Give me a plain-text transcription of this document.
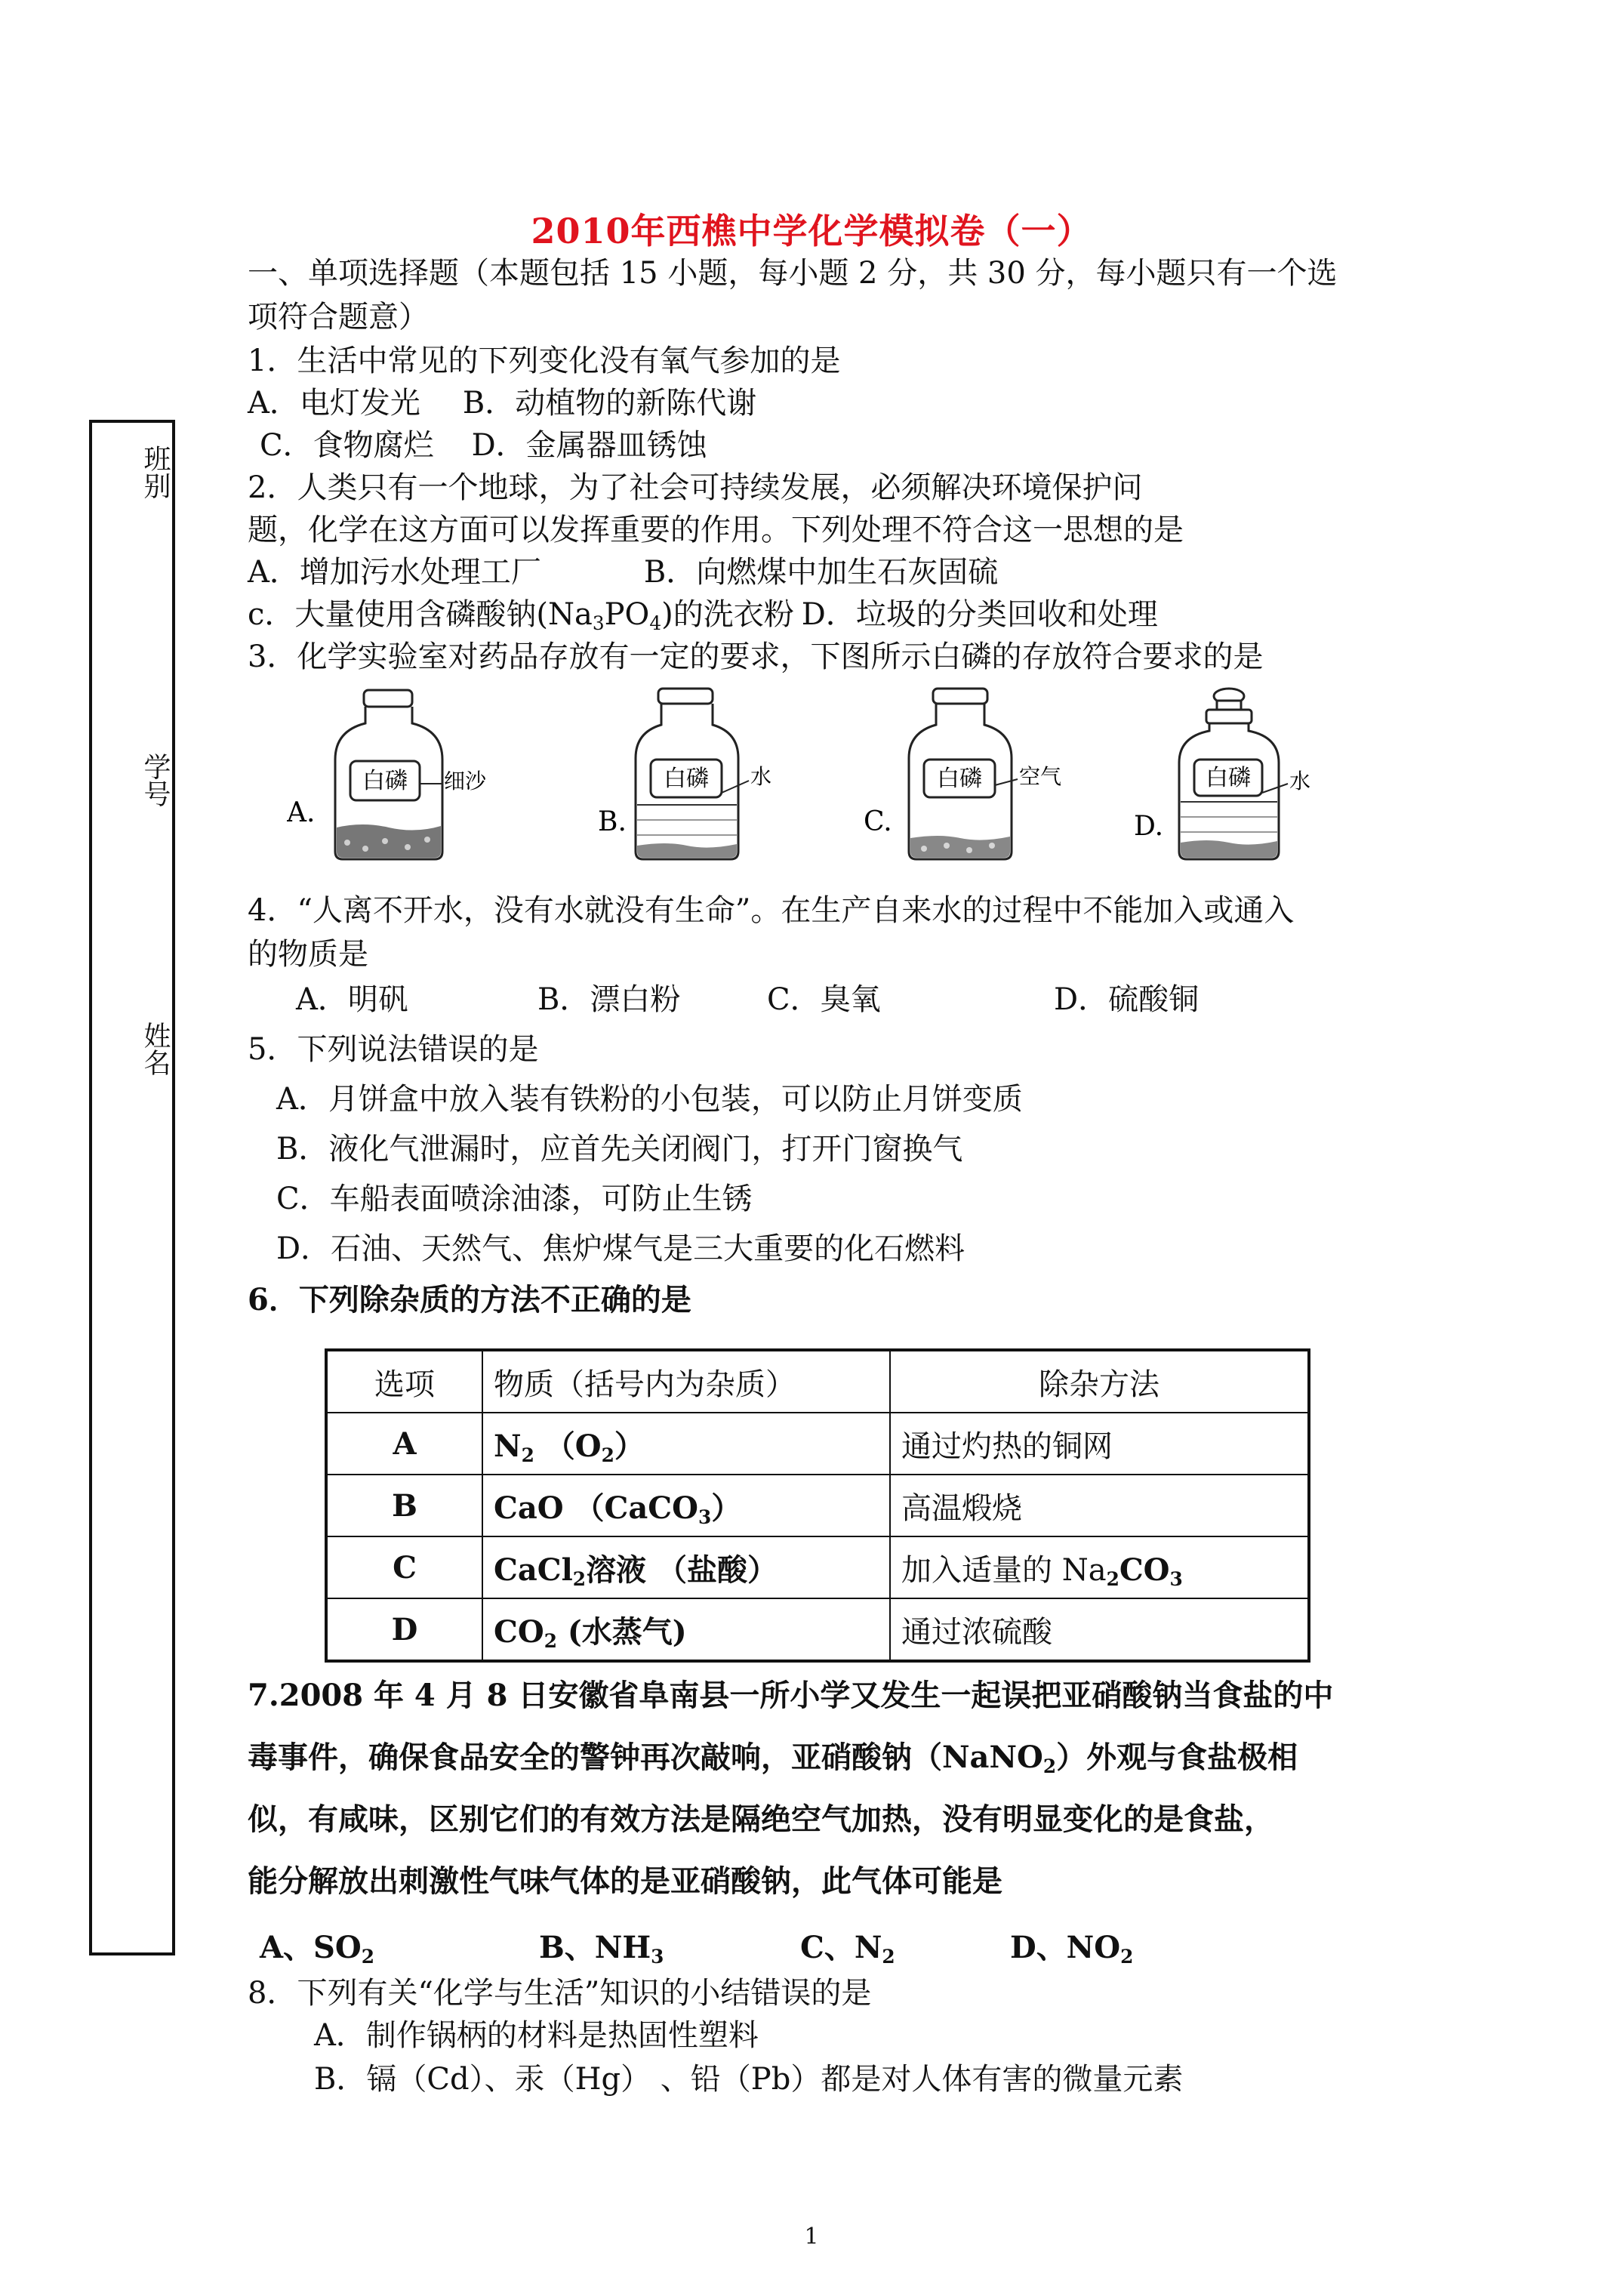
2010年西樵中学化学模拟卷（一）
班别
学号
姓名
一、单项选择题（本题包括 15 小题，每小题 2 分，共 30 分，每小题只有一个选
项符合题意）
1．生活中常见的下列变化没有氧气参加的是
A．电灯发光 B．动植物的新陈代谢
C．食物腐烂 D．金属器皿锈蚀
2．人类只有一个地球，为了社会可持续发展，必须解决环境保护问
题，化学在这方面可以发挥重要的作用。下列处理不符合这一思想的是
A．增加污水处理工厂	B．向燃煤中加生石灰固硫
c．大量使用含磷酸钠$(Na_3PO_4)$的洗衣粉 D．垃圾的分类回收和处理
3．化学实验室对药品存放有一定的要求，下图所示白磷的存放符合要求的是
白磷 细沙
A.
白磷 水
B.
白磷 空气
C.
白磷 水
D.
4．“人离不开水，没有水就没有生命”。在生产自来水的过程中不能加入或通入
的物质是
A．明矾	B．漂白粉	C．臭氧	D．硫酸铜
5．下列说法错误的是
A．月饼盒中放入装有铁粉的小包装，可以防止月饼变质
B．液化气泄漏时，应首先关闭阀门，打开门窗换气
C．车船表面喷涂油漆，可防止生锈
D．石油、天然气、焦炉煤气是三大重要的化石燃料
6．下列除杂质的方法不正确的是
选项	物质（括号内为杂质）	除杂方法
A	$N_2$ $(O_2)$	通过灼热的铜网
B	CaO （CaCO$_3$）	高温煅烧
C	CaCl$_2$溶液 （盐酸）	加入适量的 $Na_2CO_3$
D	$CO_2$ (水蒸气)	通过浓硫酸
7.2008 年 4 月 8 日安徽省阜南县一所小学又发生一起误把亚硝酸钠当食盐的中
毒事件，确保食品安全的警钟再次敲响，亚硝酸钠（NaNO$_2$）外观与食盐极相
似，有咸味，区别它们的有效方法是隔绝空气加热，没有明显变化的是食盐，
能分解放出刺激性气味气体的是亚硝酸钠，此气体可能是
A、$SO_2$	B、$NH_3$	C、$N_2$	D、$NO_2$
8．下列有关“化学与生活”知识的小结错误的是
A．制作锅柄的材料是热固性塑料
B．镉（Cd）、汞（Hg） 、铅（Pb）都是对人体有害的微量元素
1
